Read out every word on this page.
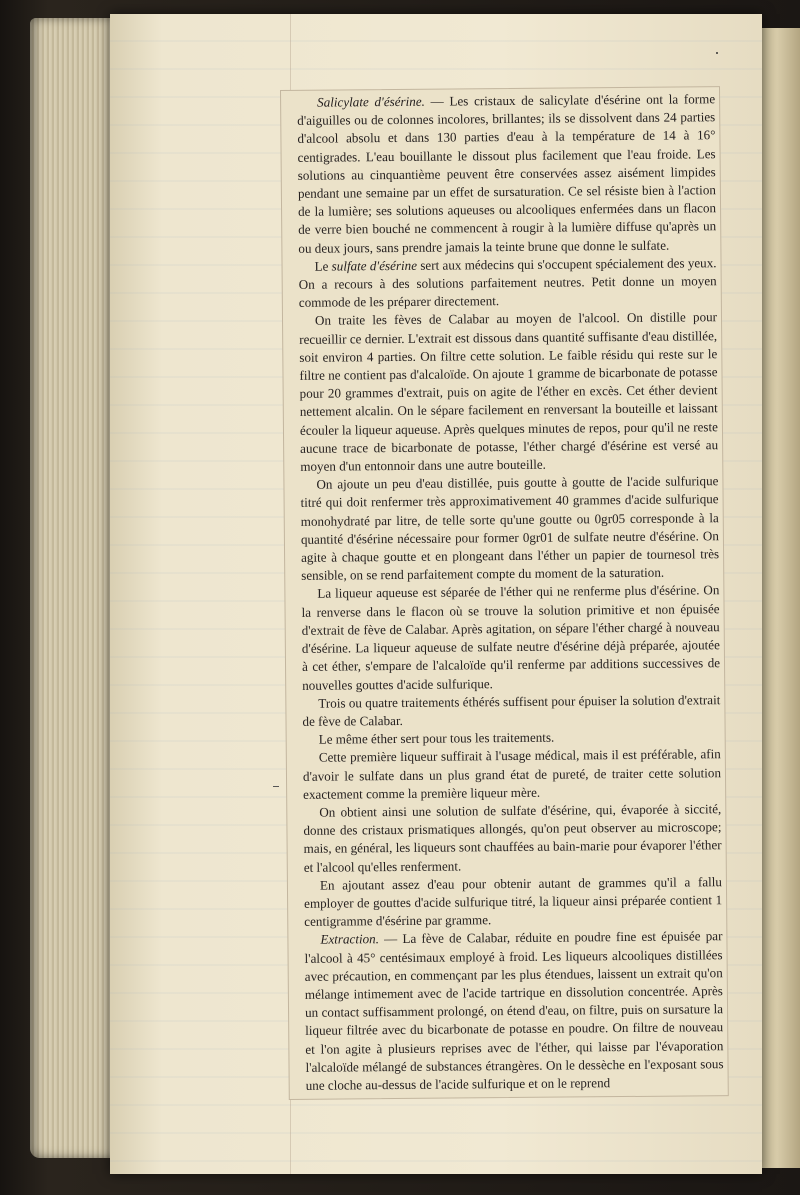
Salicylate d'ésérine. — Les cristaux de salicylate d'ésérine ont la forme d'aiguilles ou de colonnes incolores, brillantes; ils se dissolvent dans 24 parties d'alcool absolu et dans 130 parties d'eau à la température de 14 à 16° centigrades. L'eau bouillante le dissout plus facilement que l'eau froide. Les solutions au cinquantième peuvent être conservées assez aisément limpides pendant une semaine par un effet de sursaturation. Ce sel résiste bien à l'action de la lumière; ses solutions aqueuses ou alcooliques enfermées dans un flacon de verre bien bouché ne commencent à rougir à la lumière diffuse qu'après un ou deux jours, sans prendre jamais la teinte brune que donne le sulfate.

Le sulfate d'ésérine sert aux médecins qui s'occupent spécialement des yeux. On a recours à des solutions parfaitement neutres. Petit donne un moyen commode de les préparer directement.

On traite les fèves de Calabar au moyen de l'alcool. On distille pour recueillir ce dernier. L'extrait est dissous dans quantité suffisante d'eau distillée, soit environ 4 parties. On filtre cette solution. Le faible résidu qui reste sur le filtre ne contient pas d'alcaloïde. On ajoute 1 gramme de bicarbonate de potasse pour 20 grammes d'extrait, puis on agite de l'éther en excès. Cet éther devient nettement alcalin. On le sépare facilement en renversant la bouteille et laissant écouler la liqueur aqueuse. Après quelques minutes de repos, pour qu'il ne reste aucune trace de bicarbonate de potasse, l'éther chargé d'ésérine est versé au moyen d'un entonnoir dans une autre bouteille.

On ajoute un peu d'eau distillée, puis goutte à goutte de l'acide sulfurique titré qui doit renfermer très approximativement 40 grammes d'acide sulfurique monohydraté par litre, de telle sorte qu'une goutte ou 0gr05 corresponde à la quantité d'ésérine nécessaire pour former 0gr01 de sulfate neutre d'ésérine. On agite à chaque goutte et en plongeant dans l'éther un papier de tournesol très sensible, on se rend parfaitement compte du moment de la saturation.

La liqueur aqueuse est séparée de l'éther qui ne renferme plus d'ésérine. On la renverse dans le flacon où se trouve la solution primitive et non épuisée d'extrait de fève de Calabar. Après agitation, on sépare l'éther chargé à nouveau d'ésérine. La liqueur aqueuse de sulfate neutre d'ésérine déjà préparée, ajoutée à cet éther, s'empare de l'alcaloïde qu'il renferme par additions successives de nouvelles gouttes d'acide sulfurique.

Trois ou quatre traitements éthérés suffisent pour épuiser la solution d'extrait de fève de Calabar.

Le même éther sert pour tous les traitements.

Cette première liqueur suffirait à l'usage médical, mais il est préférable, afin d'avoir le sulfate dans un plus grand état de pureté, de traiter cette solution exactement comme la première liqueur mère.

On obtient ainsi une solution de sulfate d'ésérine, qui, évaporée à siccité, donne des cristaux prismatiques allongés, qu'on peut observer au microscope; mais, en général, les liqueurs sont chauffées au bain-marie pour évaporer l'éther et l'alcool qu'elles renferment.

En ajoutant assez d'eau pour obtenir autant de grammes qu'il a fallu employer de gouttes d'acide sulfurique titré, la liqueur ainsi préparée contient 1 centigramme d'ésérine par gramme.

Extraction. — La fève de Calabar, réduite en poudre fine est épuisée par l'alcool à 45° centésimaux employé à froid. Les liqueurs alcooliques distillées avec précaution, en commençant par les plus étendues, laissent un extrait qu'on mélange intimement avec de l'acide tartrique en dissolution concentrée. Après un contact suffisamment prolongé, on étend d'eau, on filtre, puis on sursature la liqueur filtrée avec du bicarbonate de potasse en poudre. On filtre de nouveau et l'on agite à plusieurs reprises avec de l'éther, qui laisse par l'évaporation l'alcaloïde mélangé de substances étrangères. On le dessèche en l'exposant sous une cloche au-dessus de l'acide sulfurique et on le reprend
